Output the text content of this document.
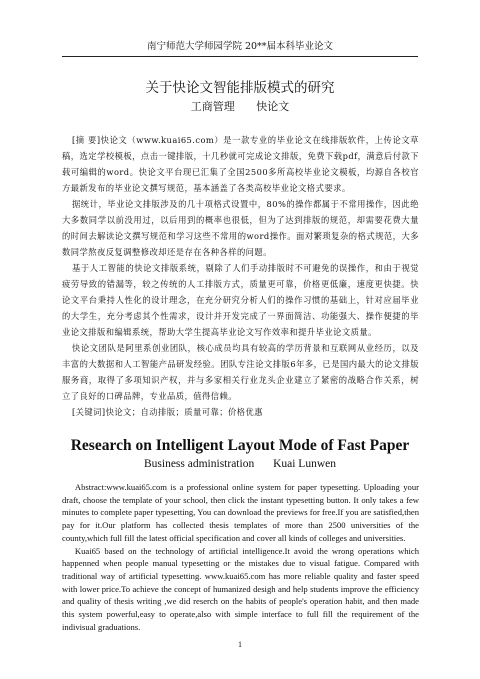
南宁师范大学师园学院 20**届本科毕业论文
关于快论文智能排版模式的研究
工商管理 快论文

[摘 要]快论文（www.kuai65.com）是一款专业的毕业论文在线排版软件，上传论文草稿，选定学校模板，点击一键排版，十几秒就可完成论文排版，免费下载pdf，满意后付款下载可编辑的word。快论文平台现已汇集了全国2500多所高校毕业论文模板，均源自各校官方最新发布的毕业论文撰写规范，基本涵盖了各类高校毕业论文格式要求。

据统计，毕业论文排版涉及的几十项格式设置中，80%的操作都属于不常用操作，因此绝大多数同学以前没用过，以后用到的概率也很低，但为了达到排版的规范，却需要花费大量的时间去解读论文撰写规范和学习这些不常用的word操作。面对繁琐复杂的格式规范，大多数同学熬夜反复调整修改却还是存在各种各样的问题。

基于人工智能的快论文排版系统，剔除了人们手动排版时不可避免的误操作，和由于视觉疲劳导致的错漏等，较之传统的人工排版方式，质量更可靠，价格更低廉，速度更快捷。快论文平台秉持人性化的设计理念，在充分研究分析人们的操作习惯的基础上，针对应届毕业的大学生，充分考虑其个性需求，设计并开发完成了一界面简洁、功能强大、操作便捷的毕业论文排版和编辑系统，帮助大学生提高毕业论文写作效率和提升毕业论文质量。

快论文团队是阿里系创业团队，核心成员均具有较高的学历背景和互联网从业经历，以及丰富的大数据和人工智能产品研发经验。团队专注论文排版6年多，已是国内最大的论文排版服务商，取得了多项知识产权，并与多家相关行业龙头企业建立了紧密的战略合作关系，树立了良好的口碑品牌，专业品质，值得信赖。

[关键词]快论文；自动排版；质量可靠；价格优惠

Research on Intelligent Layout Mode of Fast Paper
Business administration Kuai Lunwen

Abstract:www.kuai65.com is a professional online system for paper typesetting. Uploading your draft, choose the template of your school, then click the instant typesetting button. It only takes a few minutes to complete paper typesetting, You can download the previews for free.If you are satisfied,then pay for it.Our platform has collected thesis templates of more than 2500 universities of the county,which full fill the latest official specification and cover all kinds of colleges and universities.

Kuai65 based on the technology of artificial intelligence.It avoid the wrong operations which happenned when people manual typesetting or the mistakes due to visual fatigue. Compared with traditional way of artificial typesetting. www.kuai65.com has more reliable quality and faster speed with lower price.To achieve the concept of humanized desigh and help students improve the efficiency and quality of thesis writing ,we did reserch on the habits of people's operation habit, and then made this system powerful,easy to operate,also with simple interface to full fill the requirement of the indivisual graduations.

1
